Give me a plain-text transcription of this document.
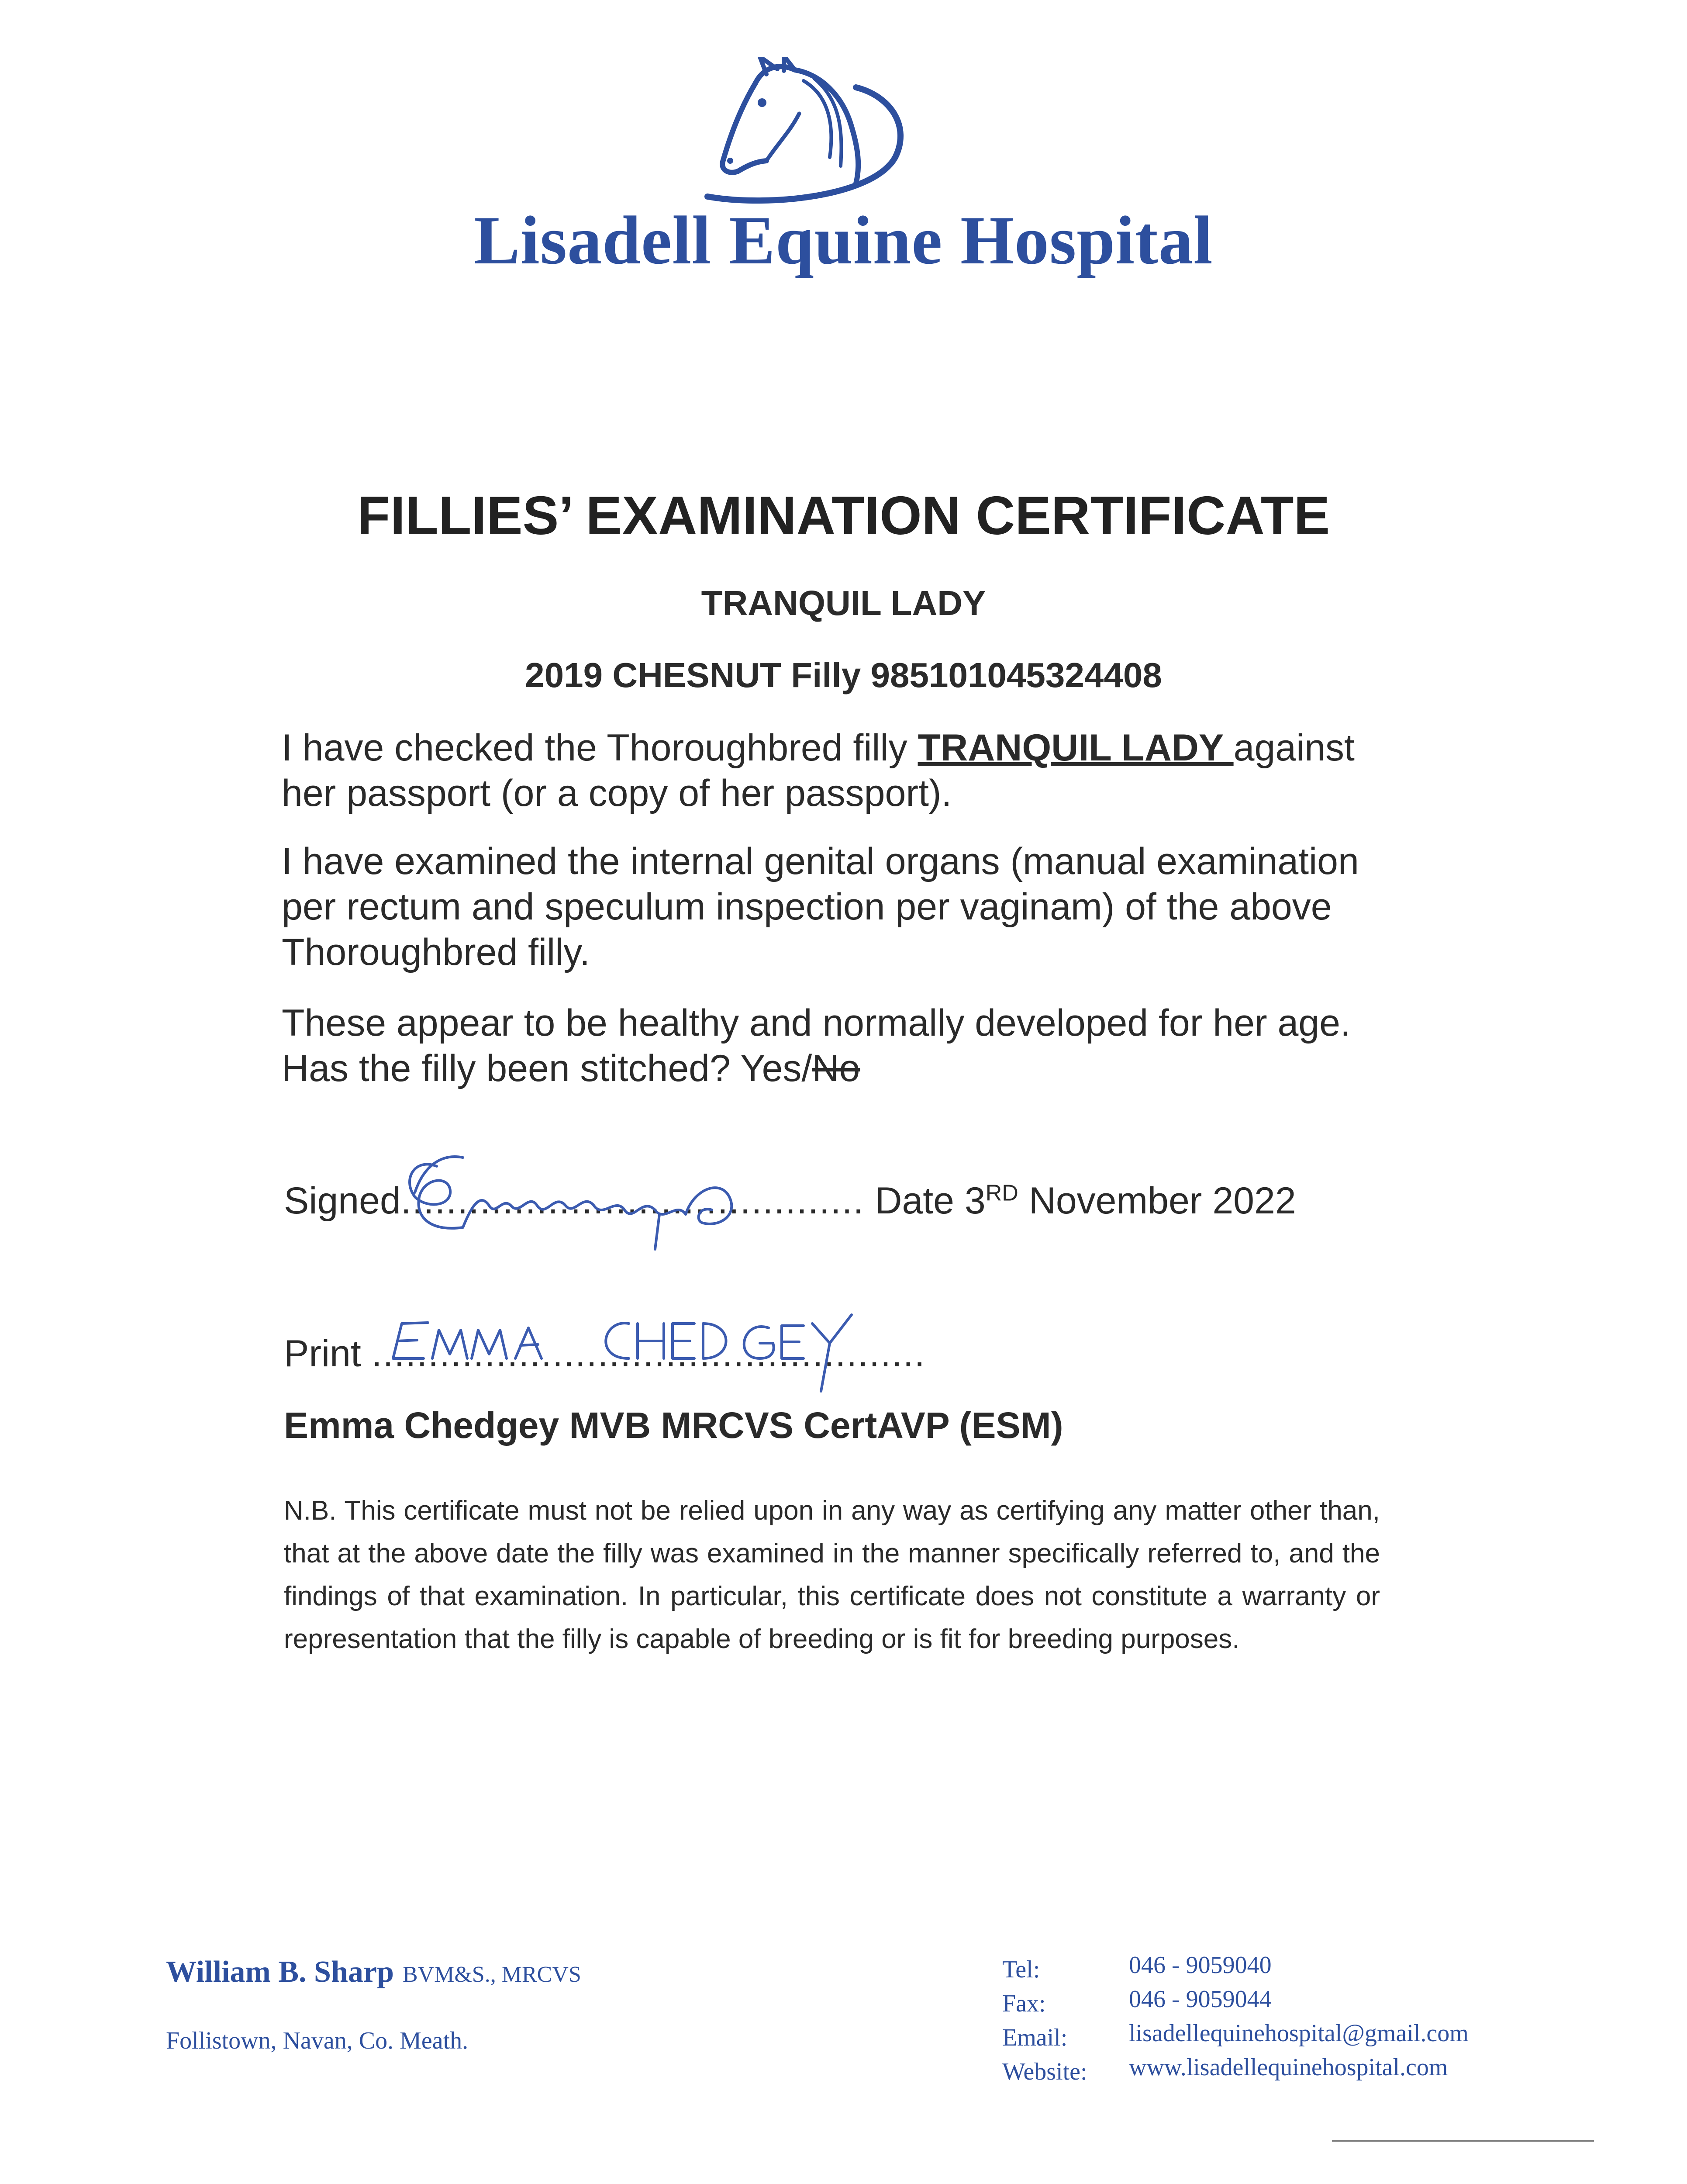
Lisadell Equine Hospital
FILLIES’ EXAMINATION CERTIFICATE
TRANQUIL LADY
2019 CHESNUT Filly 985101045324408
I have checked the Thoroughbred filly TRANQUIL LADY against her passport (or a copy of her passport).
I have examined the internal genital organs (manual examination per rectum and speculum inspection per vaginam) of the above Thoroughbred filly.
These appear to be healthy and normally developed for her age.
Has the filly been stitched? Yes/No
Signed......................................... Date 3RD November 2022
Print .................................................
Emma Chedgey MVB MRCVS CertAVP (ESM)
N.B. This certificate must not be relied upon in any way as certifying any matter other than, that at the above date the filly was examined in the manner specifically referred to, and the findings of that examination. In particular, this certificate does not constitute a warranty or representation that the filly is capable of breeding or is fit for breeding purposes.
William B. Sharp BVM&S., MRCVS
Follistown, Navan, Co. Meath.
Tel:
Fax:
Email:
Website:
046 - 9059040
046 - 9059044
lisadellequinehospital@gmail.com
www.lisadellequinehospital.com
